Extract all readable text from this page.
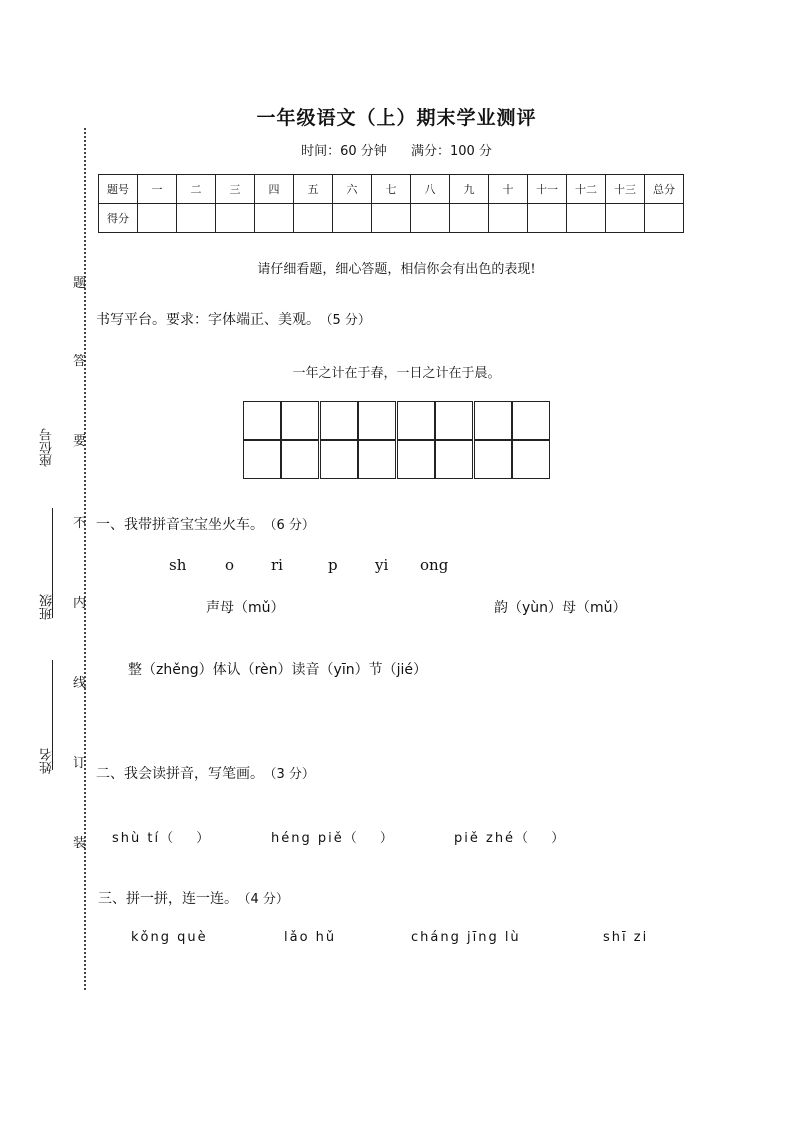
座位号
班级
姓名
题
答
要
不
内
线
订
装
一年级语文（上）期末学业测评
时间：60 分钟 满分：100 分
题号	一	二	三	四	五	六	七	八	九	十	十一	十二	十三	总分
得分														
请仔细看题，细心答题，相信你会有出色的表现!
书写平台。要求：字体端正、美观。 （5 分）
一年之计在于春，一日之计在于晨。
一、我带拼音宝宝坐火车。 （6 分）
sh	o ri	p yi ong
声母（mǔ）	韵（yùn）母（mǔ）
整（zhěng）体认（rèn）读音（yīn）节（jié）
二、我会读拼音，写笔画。 （3 分）
shù tí（　 ）	héng piě（　 ）	piě zhé（　 ）
三、拼一拼，连一连。 （4 分）
kǒng què	lǎo hǔ	cháng jīng lù	shī zi
